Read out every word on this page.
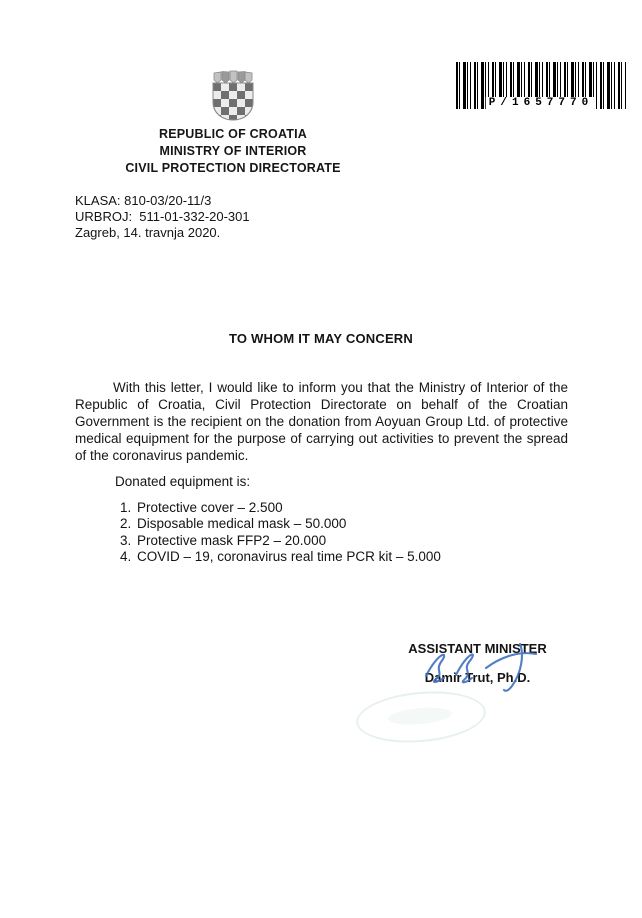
P/1657770
REPUBLIC OF CROATIA
MINISTRY OF INTERIOR
CIVIL PROTECTION DIRECTORATE
KLASA: 810-03/20-11/3
URBROJ:  511-01-332-20-301
Zagreb, 14. travnja 2020.
TO WHOM IT MAY CONCERN
With this letter, I would like to inform you that the Ministry of Interior of the Republic of Croatia, Civil Protection Directorate on behalf of the Croatian Government is the recipient on the donation from Aoyuan Group Ltd. of protective medical equipment for the purpose of carrying out activities to prevent the spread of the coronavirus pandemic.
Donated equipment is:
1. Protective cover – 2.500
2. Disposable medical mask – 50.000
3. Protective mask FFP2 – 20.000
4. COVID – 19, coronavirus real time PCR kit – 5.000
ASSISTANT MINISTER
Damir Trut, Ph.D.
